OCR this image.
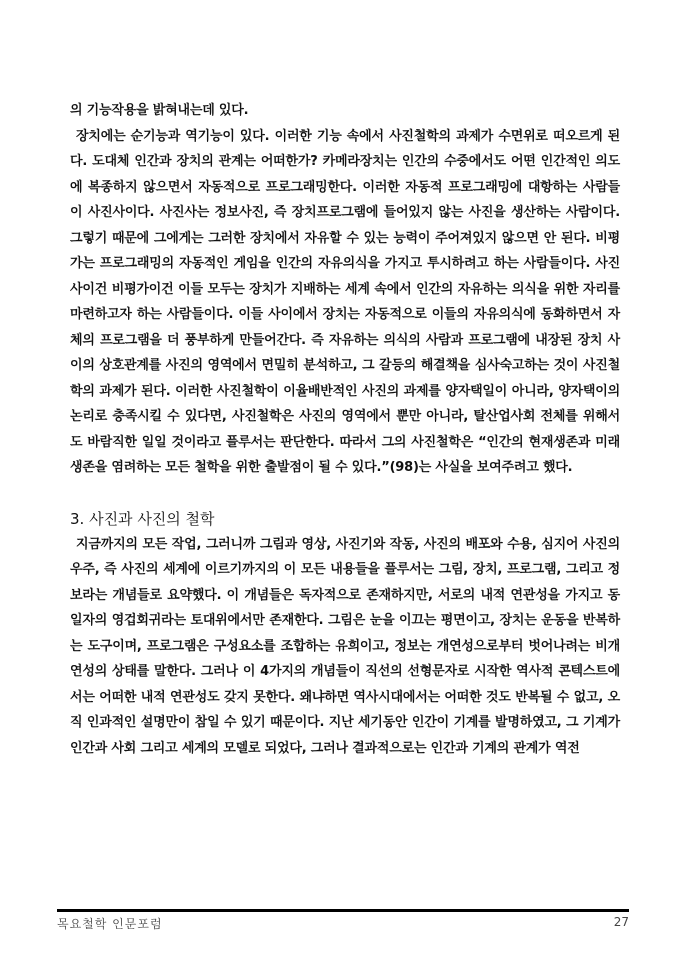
의 기능작용을 밝혀내는데 있다.

장치에는 순기능과 역기능이 있다. 이러한 기능 속에서 사진철학의 과제가 수면위로 떠오르게 된다. 도대체 인간과 장치의 관계는 어떠한가? 카메라장치는 인간의 수중에서도 어떤 인간적인 의도에 복종하지 않으면서 자동적으로 프로그래밍한다. 이러한 자동적 프로그래밍에 대항하는 사람들이 사진사이다. 사진사는 정보사진, 즉 장치프로그램에 들어있지 않는 사진을 생산하는 사람이다. 그렇기 때문에 그에게는 그러한 장치에서 자유할 수 있는 능력이 주어져있지 않으면 안 된다. 비평가는 프로그래밍의 자동적인 게임을 인간의 자유의식을 가지고 투시하려고 하는 사람들이다. 사진사이건 비평가이건 이들 모두는 장치가 지배하는 세계 속에서 인간의 자유하는 의식을 위한 자리를 마련하고자 하는 사람들이다. 이들 사이에서 장치는 자동적으로 이들의 자유의식에 동화하면서 자체의 프로그램을 더 풍부하게 만들어간다. 즉 자유하는 의식의 사람과 프로그램에 내장된 장치 사이의 상호관계를 사진의 영역에서 면밀히 분석하고, 그 갈등의 해결책을 심사숙고하는 것이 사진철학의 과제가 된다. 이러한 사진철학이 이율배반적인 사진의 과제를 양자택일이 아니라, 양자택이의 논리로 충족시킬 수 있다면, 사진철학은 사진의 영역에서 뿐만 아니라, 탈산업사회 전체를 위해서도 바람직한 일일 것이라고 플루서는 판단한다. 따라서 그의 사진철학은 “인간의 현재생존과 미래생존을 염려하는 모든 철학을 위한 출발점이 될 수 있다.”(98)는 사실을 보여주려고 했다.

3. 사진과 사진의 철학

지금까지의 모든 작업, 그러니까 그림과 영상, 사진기와 작동, 사진의 배포와 수용, 심지어 사진의 우주, 즉 사진의 세계에 이르기까지의 이 모든 내용들을 플루서는 그림, 장치, 프로그램, 그리고 정보라는 개념들로 요약했다. 이 개념들은 독자적으로 존재하지만, 서로의 내적 연관성을 가지고 동일자의 영겁회귀라는 토대위에서만 존재한다. 그림은 눈을 이끄는 평면이고, 장치는 운동을 반복하는 도구이며, 프로그램은 구성요소를 조합하는 유희이고, 정보는 개연성으로부터 벗어나려는 비개연성의 상태를 말한다. 그러나 이 4가지의 개념들이 직선의 선형문자로 시작한 역사적 콘텍스트에서는 어떠한 내적 연관성도 갖지 못한다. 왜냐하면 역사시대에서는 어떠한 것도 반복될 수 없고, 오직 인과적인 설명만이 참일 수 있기 때문이다. 지난 세기동안 인간이 기계를 발명하였고, 그 기계가 인간과 사회 그리고 세계의 모델로 되었다, 그러나 결과적으로는 인간과 기계의 관계가 역전

목요철학 인문포럼	27
